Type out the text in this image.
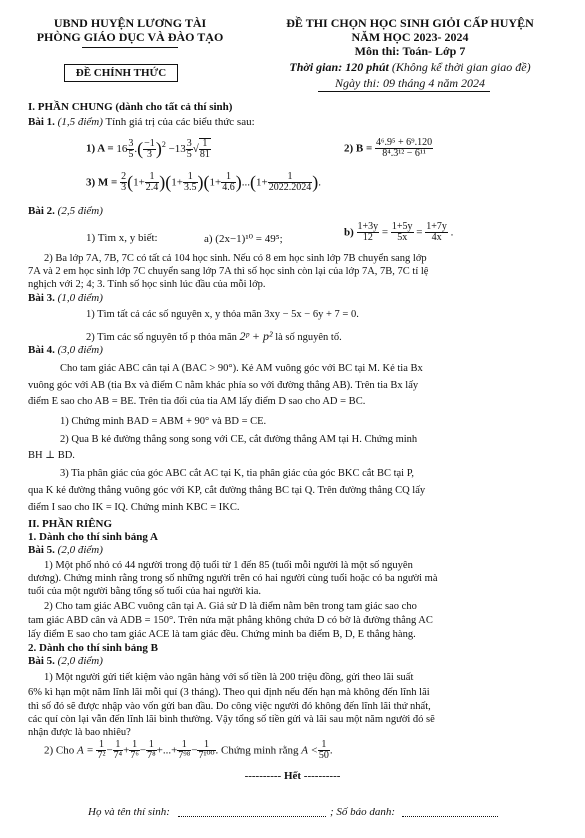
UBND HUYỆN LƯƠNG TÀI
PHÒNG GIÁO DỤC VÀ ĐÀO TẠO
ĐỀ CHÍNH THỨC
ĐỀ THI CHỌN HỌC SINH GIỎI CẤP HUYỆN
NĂM HỌC 2023- 2024
Môn thi: Toán- Lớp 7
Thời gian: 120 phút (Không kể thời gian giao đề)
Ngày thi: 09 tháng 4 năm 2024
I. PHẦN CHUNG (dành cho tất cả thí sinh)
Bài 1. (1,5 điểm) Tính giá trị của các biểu thức sau:
1) $A = 16 \frac{3}{5}$ .( $\frac{-1}{3} )^2 -13 \frac{3}{5}$ √ $\frac{1}{81}$	2) $B = \frac{\text{4⁶.9⁵ + 6⁹.120}}{\text{8⁴.3¹² − 6¹¹}}$
3) $M = \frac{2}{3} (1+ \frac{1}{2.4} )(1+ \frac{1}{3.5} )(1+ \frac{1}{4.6} )...(1+ \frac{1}{2022.2024}$ ).
Bài 2. (2,5 điểm)
1) Tìm x, y biết:	a) (2x−1)¹⁰ = 49⁵;
$b) \frac{1+3y}{12} = \frac{1+5y}{5x} = \frac{1+7y}{4x}$ .
2) Ba lớp 7A, 7B, 7C có tất cả 104 học sinh. Nếu có 8 em học sinh lớp 7B chuyển sang lớp
7A và 2 em học sinh lớp 7C chuyển sang lớp 7A thì số học sinh còn lại của lớp 7A, 7B, 7C tỉ lệ
nghịch với 2; 4; 3. Tính số học sinh lúc đầu của mỗi lớp.
Bài 3. (1,0 điểm)
1) Tìm tất cả các số nguyên x, y thỏa mãn 3xy − 5x − 6y + 7 = 0.
2) Tìm các số nguyên tố p thỏa mãn 2ᵖ + p² là số nguyên tố.
Bài 4. (3,0 điểm)
Cho tam giác ABC cân tại A (BAC > 90°). Kẻ AM vuông góc với BC tại M. Kẻ tia Bx
vuông góc với AB (tia Bx và điểm C nằm khác phía so với đường thẳng AB). Trên tia Bx lấy
điểm E sao cho AB = BE. Trên tia đối của tia AM lấy điểm D sao cho AD = BC.
1) Chứng minh BAD = ABM + 90° và BD = CE.
2) Qua B kẻ đường thẳng song song với CE, cắt đường thẳng AM tại H. Chứng minh
BH ⊥ BD.
3) Tia phân giác của góc ABC cắt AC tại K, tia phân giác của góc BKC cắt BC tại P,
qua K kẻ đường thẳng vuông góc với KP, cắt đường thẳng BC tại Q. Trên đường thẳng CQ lấy
điểm I sao cho IK = IQ. Chứng minh KBC = IKC.
II. PHẦN RIÊNG
1. Dành cho thí sinh bảng A
Bài 5. (2,0 điểm)
1) Một phố nhỏ có 44 người trong độ tuổi từ 1 đến 85 (tuổi mỗi người là một số nguyên
dương). Chứng minh rằng trong số những người trên có hai người cùng tuổi hoặc có ba người mà
tuổi của một người bằng tổng số tuổi của hai người kia.
2) Cho tam giác ABC vuông cân tại A. Giả sử D là điểm nằm bên trong tam giác sao cho
tam giác ABD cân và ADB = 150°. Trên nửa mặt phẳng không chứa D có bờ là đường thẳng AC
lấy điểm E sao cho tam giác ACE là tam giác đều. Chứng minh ba điểm B, D, E thẳng hàng.
2. Dành cho thí sinh bảng B
Bài 5. (2,0 điểm)
1) Một người gửi tiết kiệm vào ngân hàng với số tiền là 200 triệu đồng, gửi theo lãi suất
6% kì hạn một năm lĩnh lãi mỗi quí (3 tháng). Theo qui định nếu đến hạn mà không đến lĩnh lãi
thì số đó sẽ được nhập vào vốn gửi ban đầu. Do công việc người đó không đến lĩnh lãi thứ nhất,
các quí còn lại vẫn đến lĩnh lãi bình thường. Vậy tổng số tiền gửi và lãi sau một năm người đó sẽ
nhận được là bao nhiêu?
2) Cho $A = \frac{1}{\text{7²}} - \frac{1}{\text{7⁴}} + \frac{1}{\text{7⁶}} - \frac{1}{\text{7⁸}}$ +...+ $\frac{1}{\text{7⁹⁸}} - \frac{1}{\text{7¹⁰⁰}}$ . Chứng minh rằng $A < \frac{1}{50}$ .
---------- Hết ----------
Họ và tên thí sinh:	; Số báo danh:
